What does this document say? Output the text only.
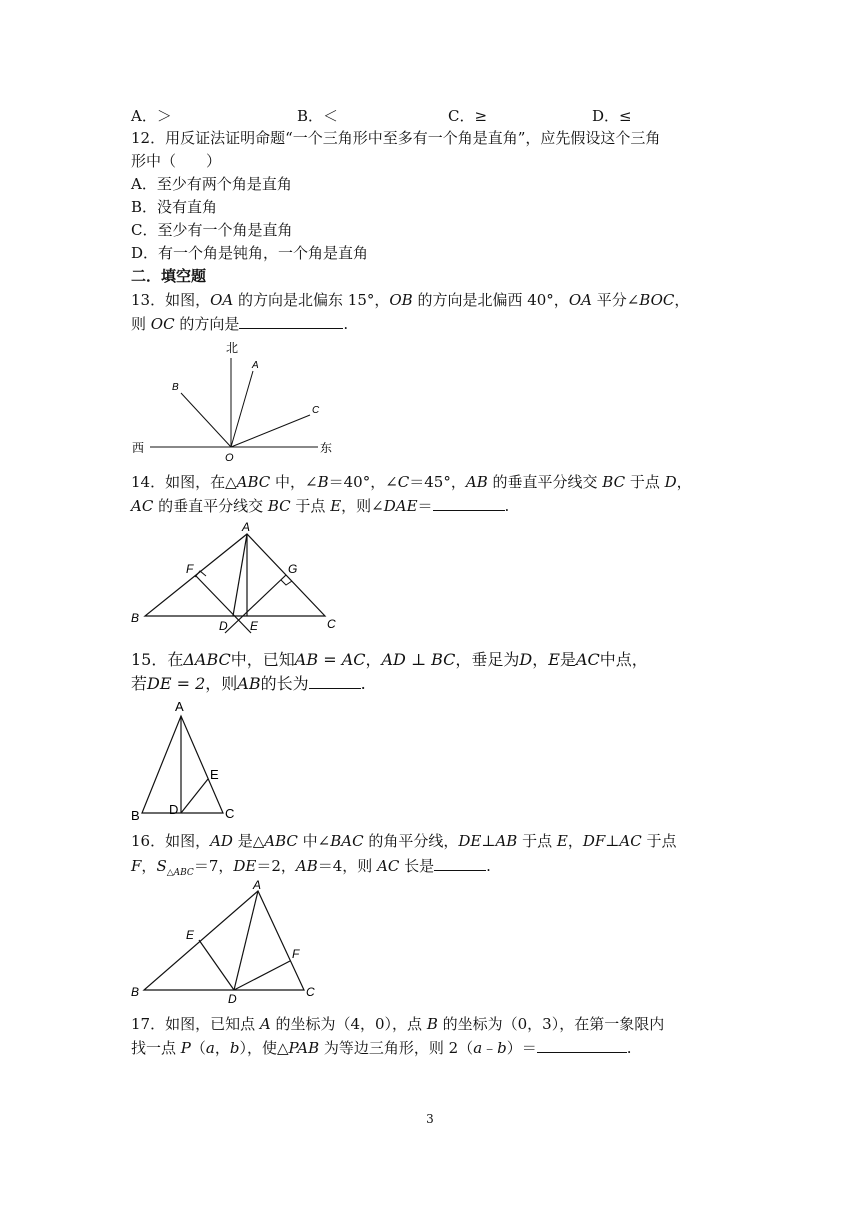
A．＞	B．＜	C．≥	D．≤
12．用反证法证明命题“一个三角形中至多有一个角是直角”，应先假设这个三角
形中（　　）
A．至少有两个角是直角
B．没有直角
C．至少有一个角是直角
D．有一个角是钝角，一个角是直角
二．填空题
13．如图，OA 的方向是北偏东 15°，OB 的方向是北偏西 40°，OA 平分∠BOC，
则 OC 的方向是	.
北
西	东
O
A
B
C
14．如图，在△ABC 中，∠B＝40°，∠C＝45°，AB 的垂直平分线交 BC 于点 D，
AC 的垂直平分线交 BC 于点 E，则∠DAE＝	.
A
B	C
D E
F	G
15．在ΔABC中，已知AB = AC，AD ⊥ BC，垂足为D，E是AC中点，
若DE = 2，则AB的长为	.
A
B	C
D
E
16．如图，AD 是△ABC 中∠BAC 的角平分线，DE⊥AB 于点 E，DF⊥AC 于点
F，$S_{\triangle ABC}=7$，DE＝2，AB＝4，则 AC 长是	.
A
B	C
D
E
F
17．如图，已知点 A 的坐标为（4，0），点 B 的坐标为（0，3），在第一象限内
找一点 P（a，b），使△PAB 为等边三角形，则 2（a﹣b）＝	.
3
